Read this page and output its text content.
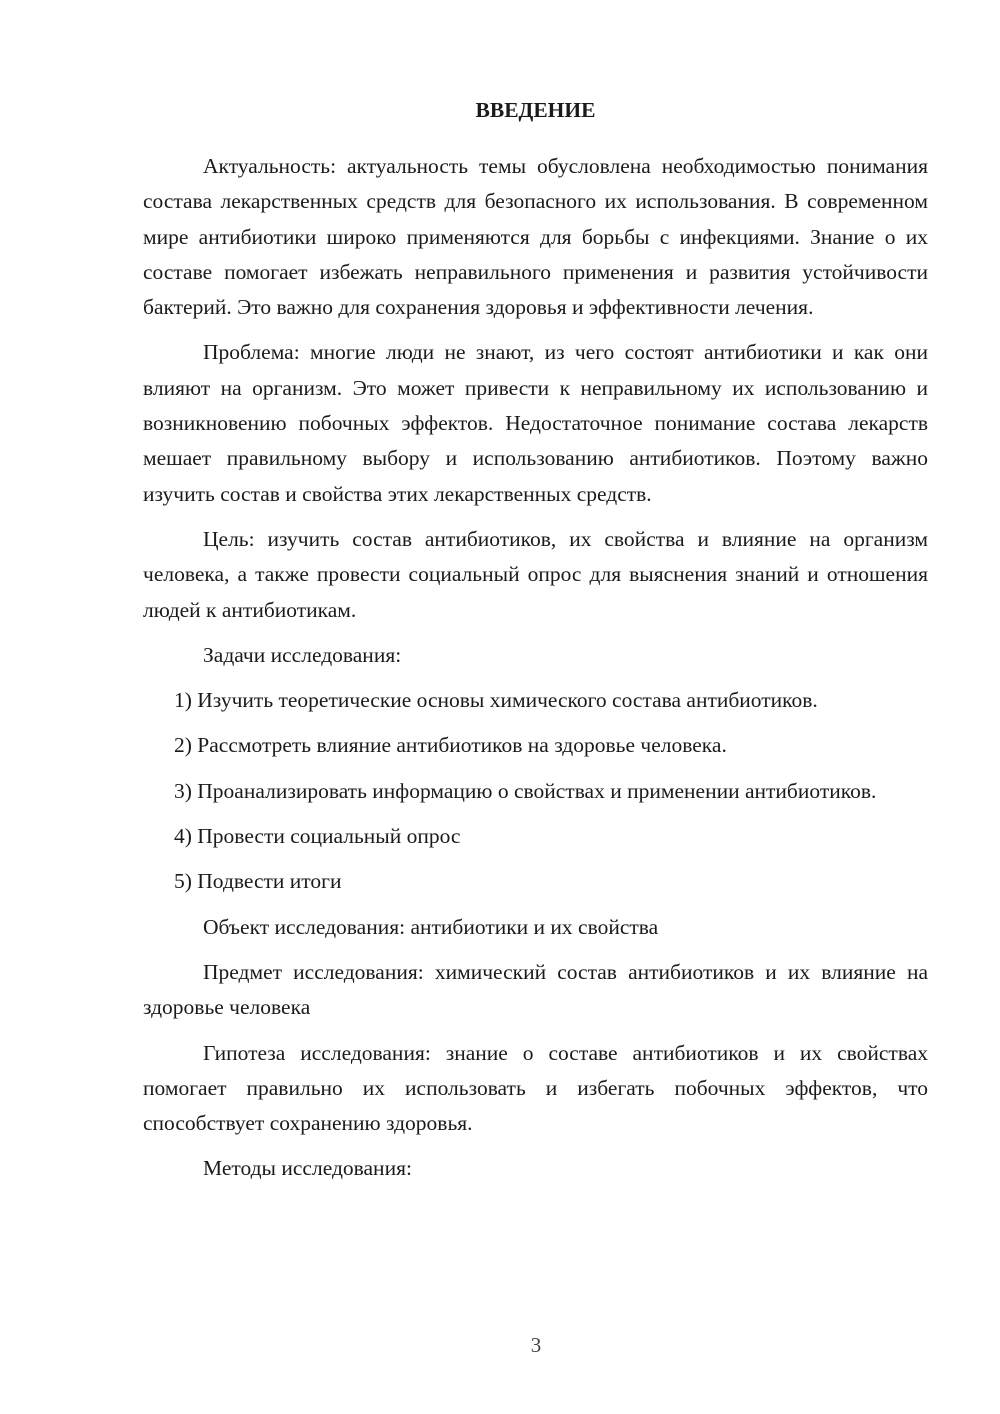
ВВЕДЕНИЕ

Актуальность: актуальность темы обусловлена необходимостью понимания состава лекарственных средств для безопасного их использования. В современном мире антибиотики широко применяются для борьбы с инфекциями. Знание о их составе помогает избежать неправильного применения и развития устойчивости бактерий. Это важно для сохранения здоровья и эффективности лечения.

Проблема: многие люди не знают, из чего состоят антибиотики и как они влияют на организм. Это может привести к неправильному их использованию и возникновению побочных эффектов. Недостаточное понимание состава лекарств мешает правильному выбору и использованию антибиотиков. Поэтому важно изучить состав и свойства этих лекарственных средств.

Цель: изучить состав антибиотиков, их свойства и влияние на организм человека, а также провести социальный опрос для выяснения знаний и отношения людей к антибиотикам.

Задачи исследования:

1) Изучить теоретические основы химического состава антибиотиков.

2) Рассмотреть влияние антибиотиков на здоровье человека.

3) Проанализировать информацию о свойствах и применении антибиотиков.

4) Провести социальный опрос

5) Подвести итоги

Объект исследования: антибиотики и их свойства

Предмет исследования: химический состав антибиотиков и их влияние на здоровье человека

Гипотеза исследования: знание о составе антибиотиков и их свойствах помогает правильно их использовать и избегать побочных эффектов, что способствует сохранению здоровья.

Методы исследования:

3
